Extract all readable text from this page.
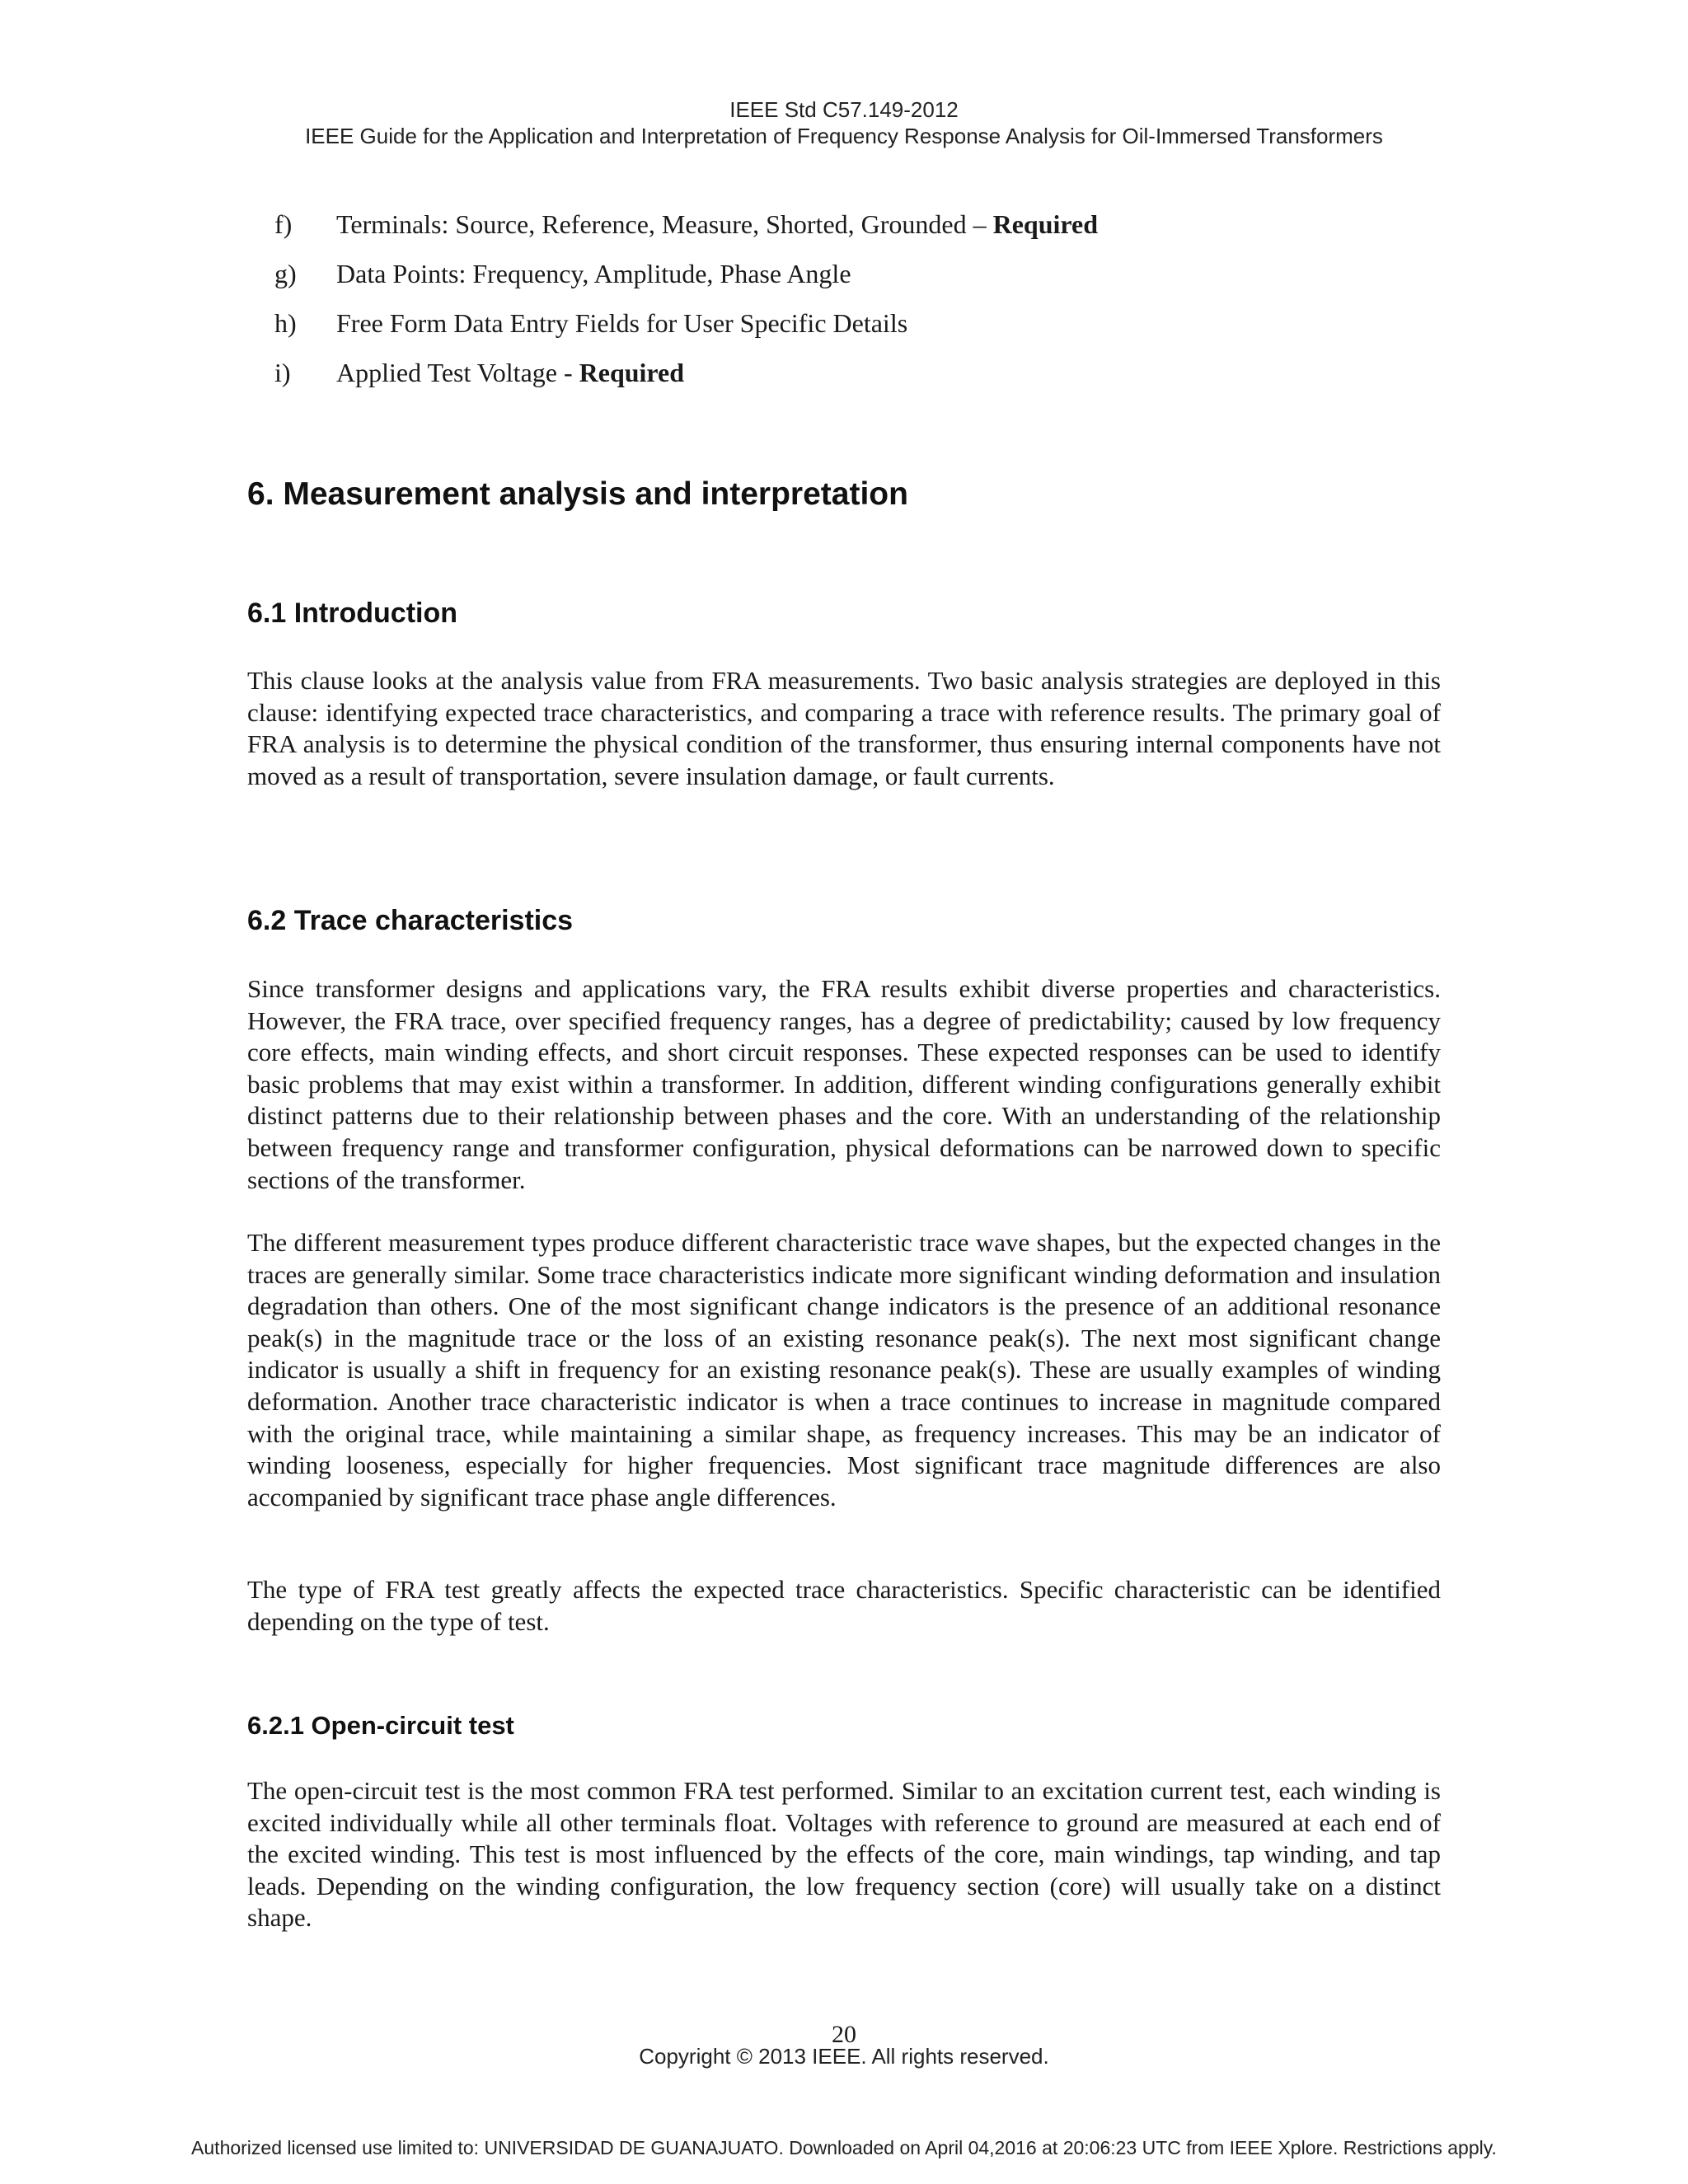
IEEE Std C57.149-2012
IEEE Guide for the Application and Interpretation of Frequency Response Analysis for Oil-Immersed Transformers
f)	Terminals: Source, Reference, Measure, Shorted, Grounded – Required
g)	Data Points: Frequency, Amplitude, Phase Angle
h)	Free Form Data Entry Fields for User Specific Details
i)	Applied Test Voltage - Required
6. Measurement analysis and interpretation
6.1 Introduction

This clause looks at the analysis value from FRA measurements. Two basic analysis strategies are deployed in this clause: identifying expected trace characteristics, and comparing a trace with reference results. The primary goal of FRA analysis is to determine the physical condition of the transformer, thus ensuring internal components have not moved as a result of transportation, severe insulation damage, or fault currents.

6.2 Trace characteristics

Since transformer designs and applications vary, the FRA results exhibit diverse properties and characteristics. However, the FRA trace, over specified frequency ranges, has a degree of predictability; caused by low frequency core effects, main winding effects, and short circuit responses. These expected responses can be used to identify basic problems that may exist within a transformer. In addition, different winding configurations generally exhibit distinct patterns due to their relationship between phases and the core. With an understanding of the relationship between frequency range and transformer configuration, physical deformations can be narrowed down to specific sections of the transformer.

The different measurement types produce different characteristic trace wave shapes, but the expected changes in the traces are generally similar. Some trace characteristics indicate more significant winding deformation and insulation degradation than others. One of the most significant change indicators is the presence of an additional resonance peak(s) in the magnitude trace or the loss of an existing resonance peak(s). The next most significant change indicator is usually a shift in frequency for an existing resonance peak(s). These are usually examples of winding deformation. Another trace characteristic indicator is when a trace continues to increase in magnitude compared with the original trace, while maintaining a similar shape, as frequency increases. This may be an indicator of winding looseness, especially for higher frequencies. Most significant trace magnitude differences are also accompanied by significant trace phase angle differences.

The type of FRA test greatly affects the expected trace characteristics. Specific characteristic can be identified depending on the type of test.

6.2.1 Open-circuit test

The open-circuit test is the most common FRA test performed. Similar to an excitation current test, each winding is excited individually while all other terminals float. Voltages with reference to ground are measured at each end of the excited winding. This test is most influenced by the effects of the core, main windings, tap winding, and tap leads. Depending on the winding configuration, the low frequency section (core) will usually take on a distinct shape.

20
Copyright © 2013 IEEE. All rights reserved.
Authorized licensed use limited to: UNIVERSIDAD DE GUANAJUATO. Downloaded on April 04,2016 at 20:06:23 UTC from IEEE Xplore. Restrictions apply.
